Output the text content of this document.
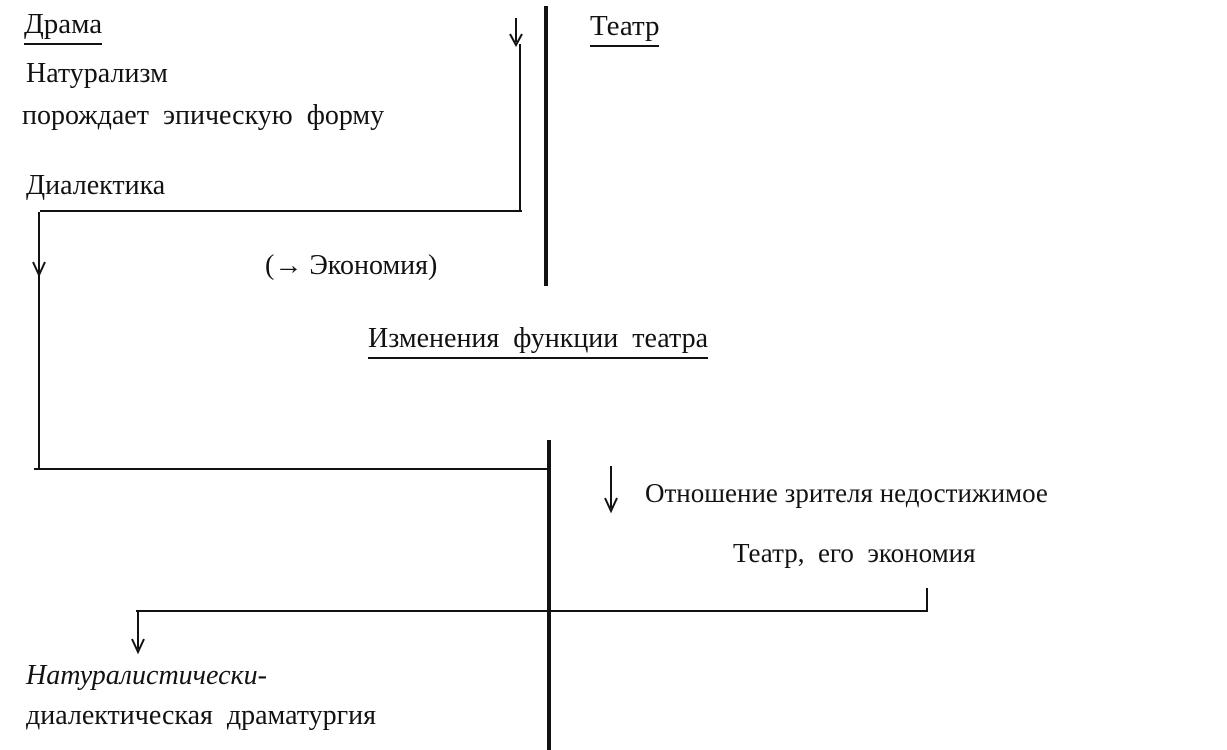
Драма	Театр
Натурализм
порождает  эпическую  форму
Диалектика
(→ Экономия)
Изменения  функции  театра
Отношение зрителя недостижимое
Театр,  его  экономия
Натуралистически-
диалектическая  драматургия
